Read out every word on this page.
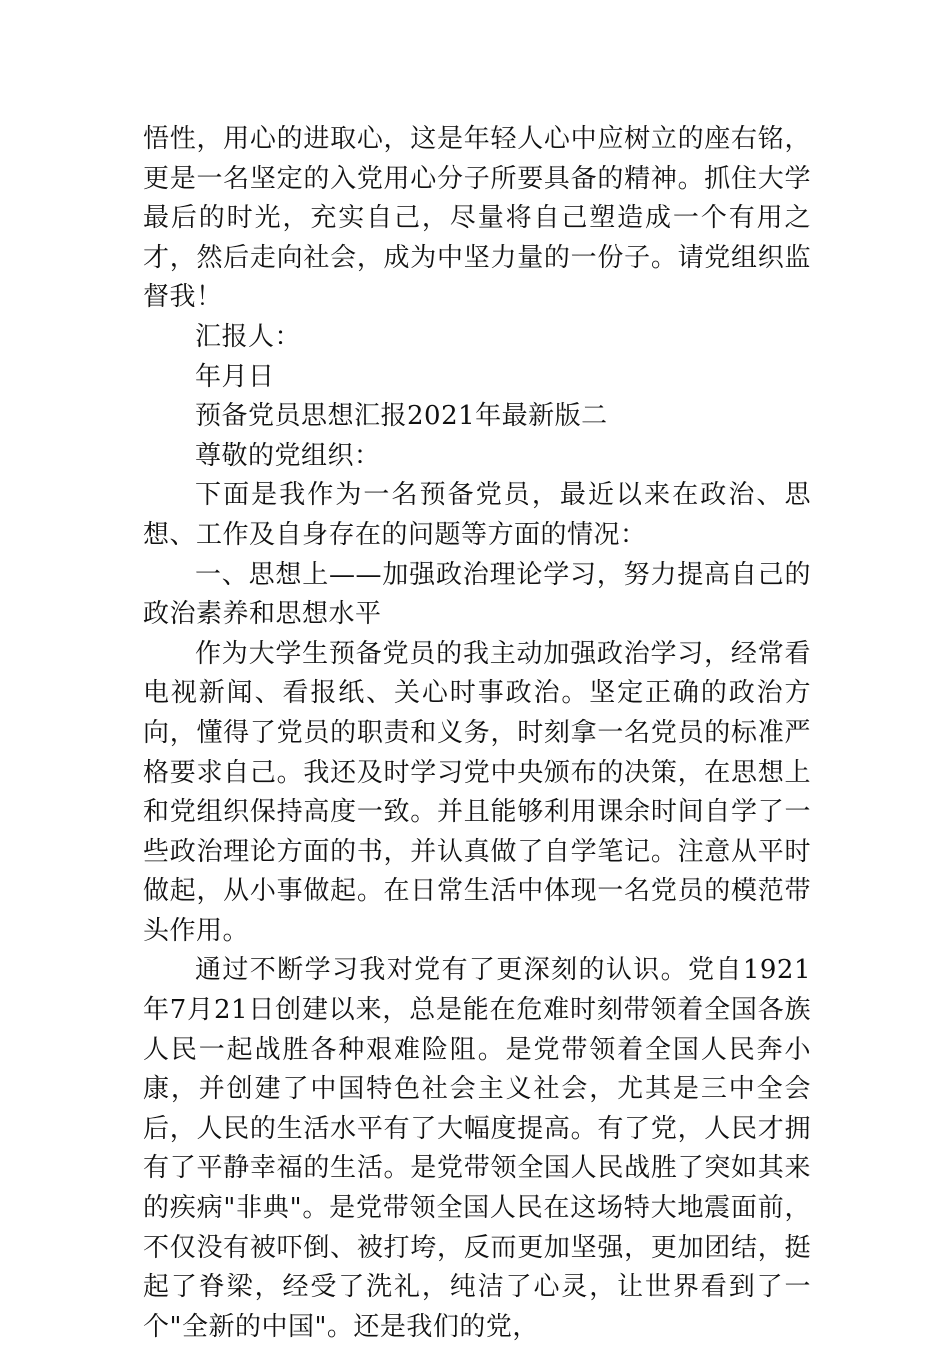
悟性，用心的进取心，这是年轻人心中应树立的座右铭，更是一名坚定的入党用心分子所要具备的精神。抓住大学最后的时光，充实自己，尽量将自己塑造成一个有用之才，然后走向社会，成为中坚力量的一份子。请党组织监督我！

汇报人：

年月日

预备党员思想汇报2021年最新版二

尊敬的党组织：

下面是我作为一名预备党员，最近以来在政治、思想、工作及自身存在的问题等方面的情况：

一、思想上——加强政治理论学习，努力提高自己的政治素养和思想水平

作为大学生预备党员的我主动加强政治学习，经常看电视新闻、看报纸、关心时事政治。坚定正确的政治方向，懂得了党员的职责和义务，时刻拿一名党员的标准严格要求自己。我还及时学习党中央颁布的决策，在思想上和党组织保持高度一致。并且能够利用课余时间自学了一些政治理论方面的书，并认真做了自学笔记。注意从平时做起，从小事做起。在日常生活中体现一名党员的模范带头作用。

通过不断学习我对党有了更深刻的认识。党自1921年7月21日创建以来，总是能在危难时刻带领着全国各族人民一起战胜各种艰难险阻。是党带领着全国人民奔小康，并创建了中国特色社会主义社会，尤其是三中全会后，人民的生活水平有了大幅度提高。有了党，人民才拥有了平静幸福的生活。是党带领全国人民战胜了突如其来的疾病"非典"。是党带领全国人民在这场特大地震面前，不仅没有被吓倒、被打垮，反而更加坚强，更加团结，挺起了脊梁，经受了洗礼，纯洁了心灵，让世界看到了一个"全新的中国"。还是我们的党，
